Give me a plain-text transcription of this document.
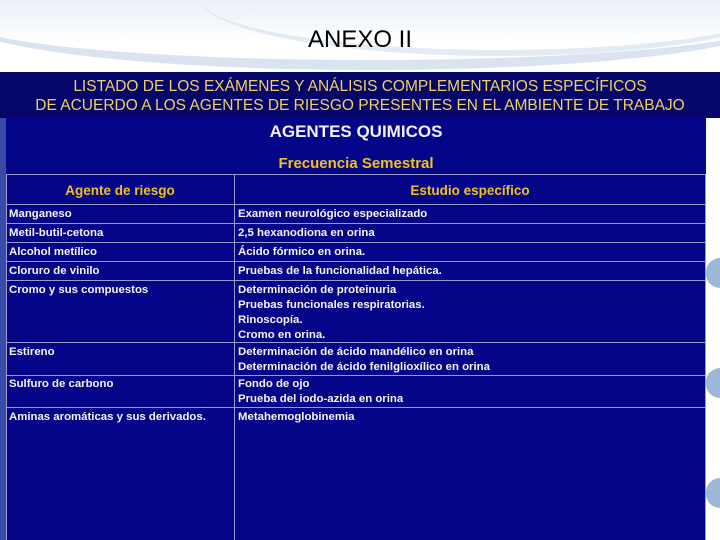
ANEXO II
LISTADO DE LOS EXÁMENES Y ANÁLISIS COMPLEMENTARIOS ESPECÍFICOS
DE ACUERDO A LOS AGENTES DE RIESGO PRESENTES EN EL AMBIENTE DE TRABAJO
AGENTES QUIMICOS
Frecuencia Semestral
Agente de riesgo	Estudio específico
Manganeso	Examen neurológico especializado
Metil-butil-cetona	2,5 hexanodiona en orina
Alcohol metílico	Ácido fórmico en orina.
Cloruro de vinilo	Pruebas de la funcionalidad hepática.
Cromo y sus compuestos	Determinación de proteinuria
Pruebas funcionales respiratorias.
Rinoscopía.
Cromo en orina.
Estireno	Determinación de ácido mandélico en orina
Determinación de ácido fenilglioxílico en orina
Sulfuro de carbono	Fondo de ojo
Prueba del iodo-azida en orina
Aminas aromáticas y sus derivados.	Metahemoglobinemia
